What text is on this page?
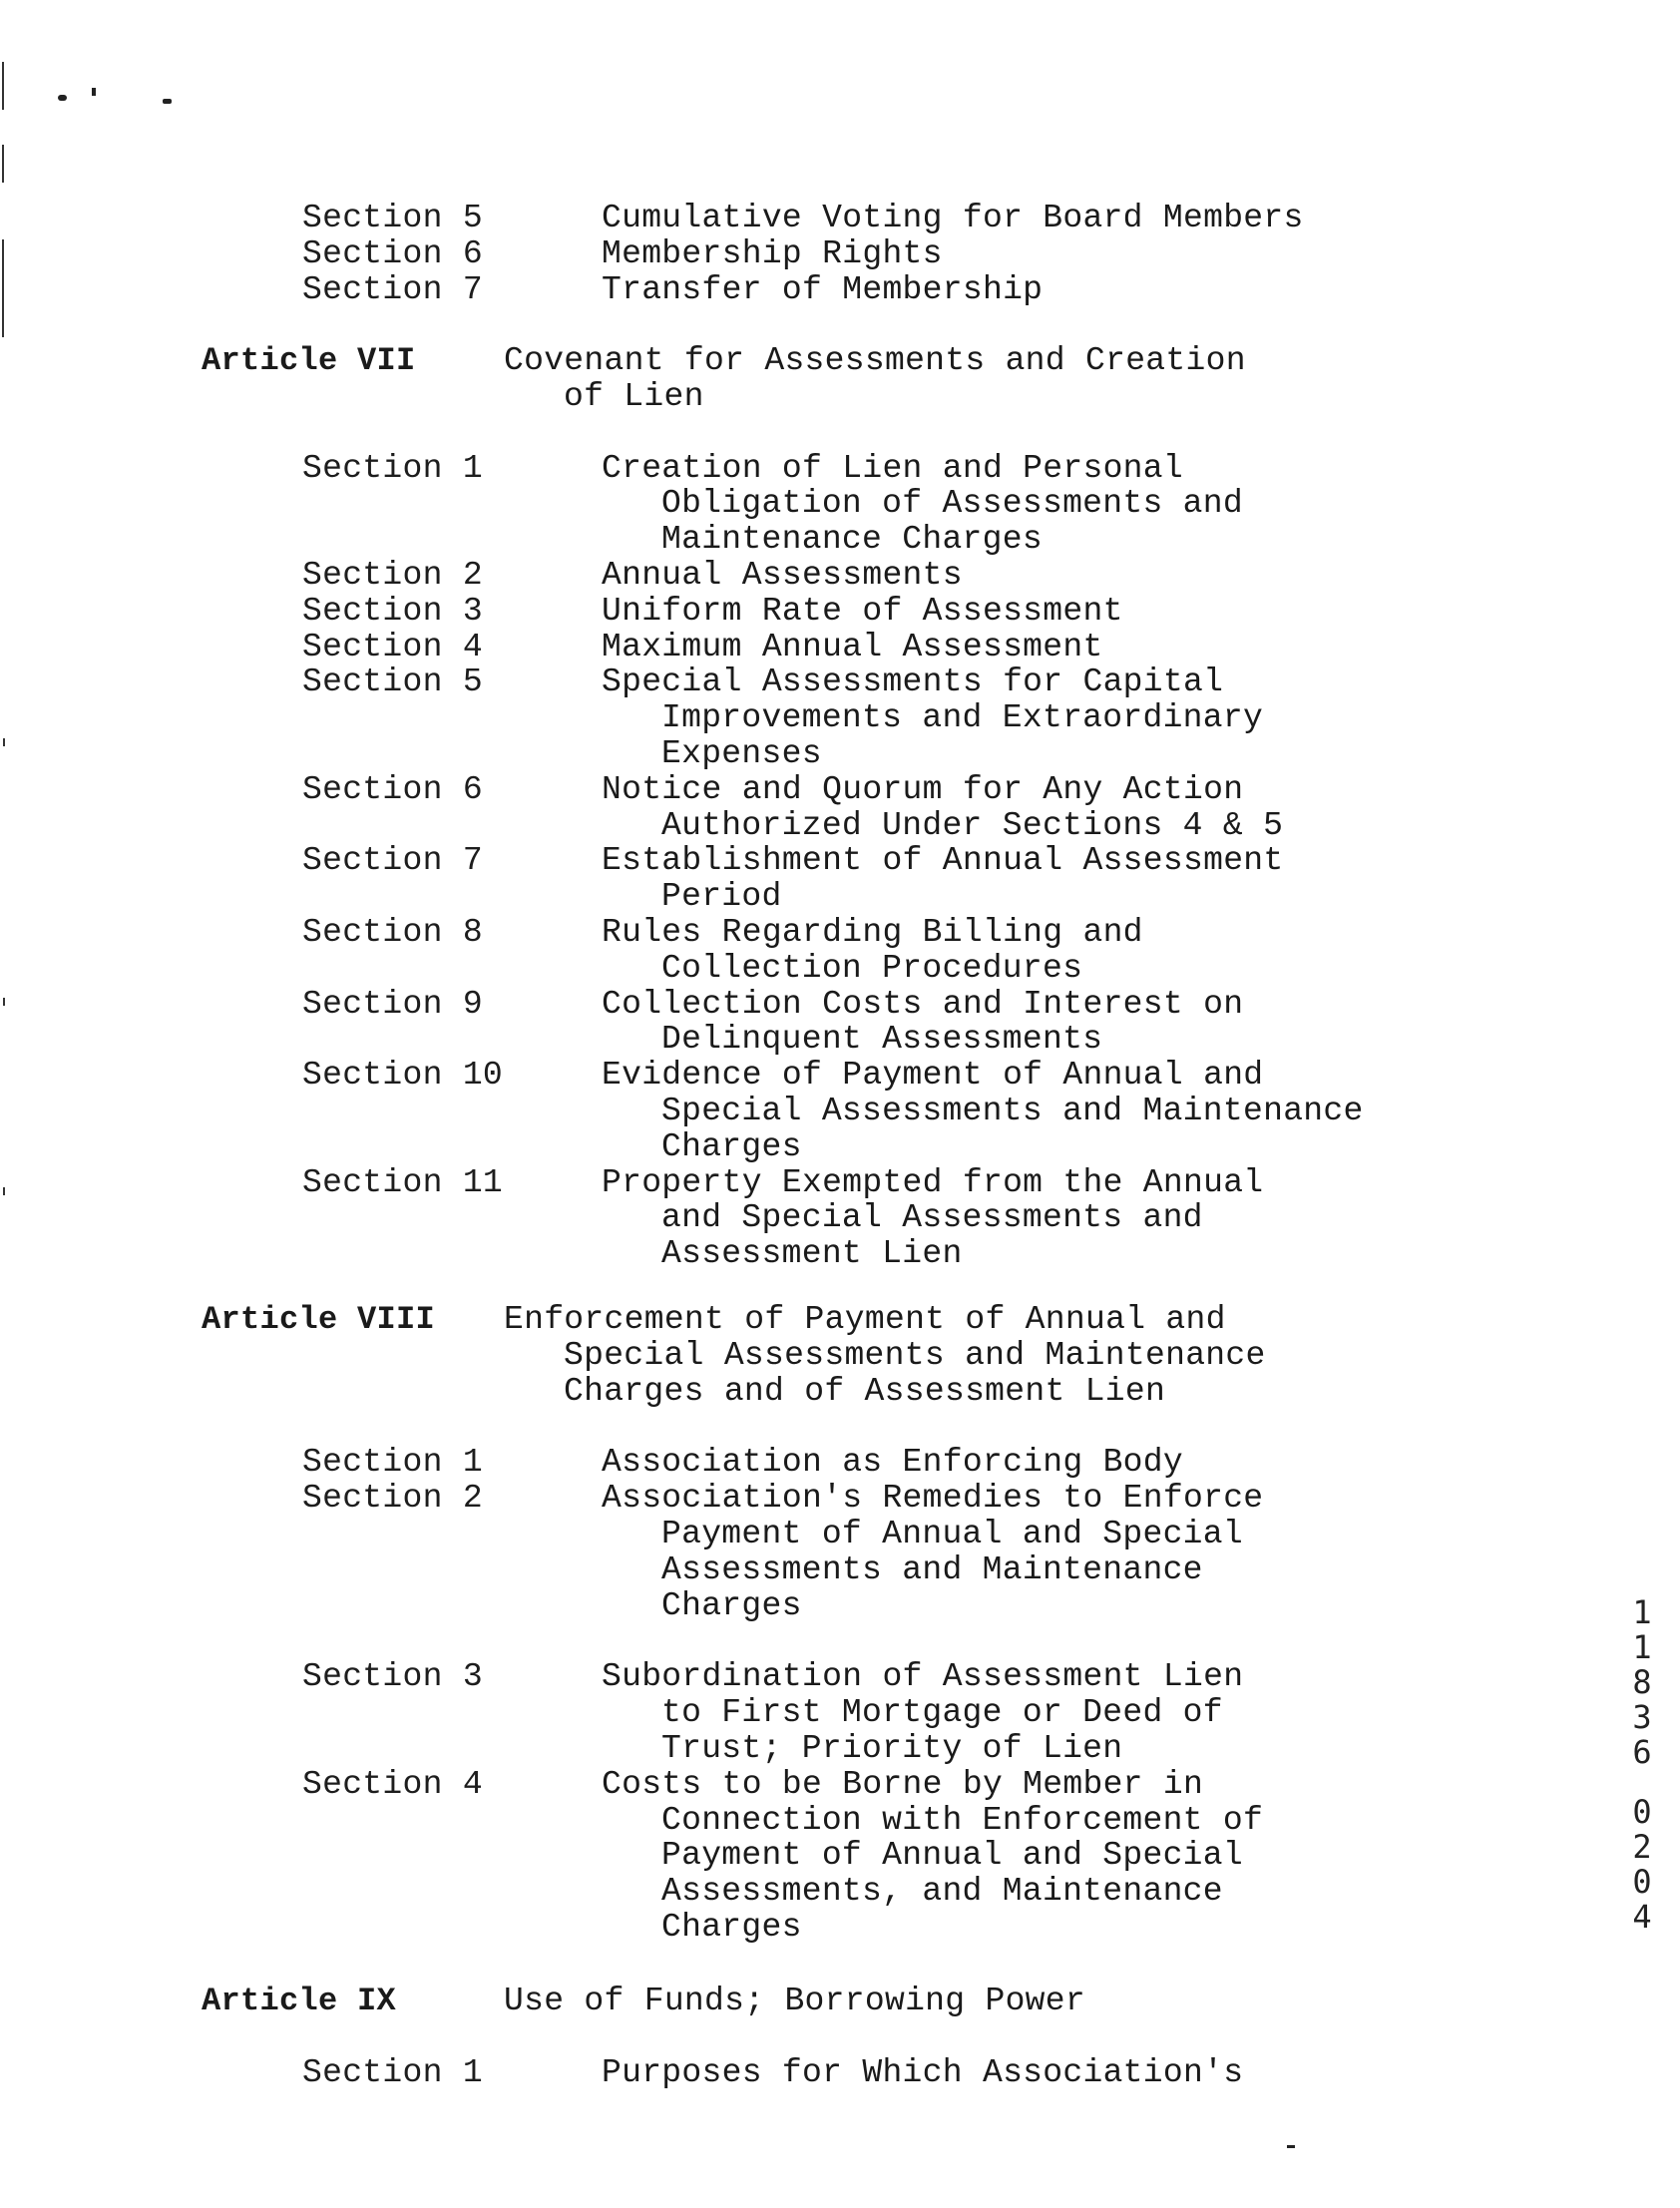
Section 5	Cumulative Voting for Board Members
Section 6	Membership Rights
Section 7	Transfer of Membership
Article VII	Covenant for Assessments and Creation
of Lien
Section 1	Creation of Lien and Personal
Obligation of Assessments and
Maintenance Charges
Section 2	Annual Assessments
Section 3	Uniform Rate of Assessment
Section 4	Maximum Annual Assessment
Section 5	Special Assessments for Capital
Improvements and Extraordinary
Expenses
Section 6	Notice and Quorum for Any Action
Authorized Under Sections 4 & 5
Section 7	Establishment of Annual Assessment
Period
Section 8	Rules Regarding Billing and
Collection Procedures
Section 9	Collection Costs and Interest on
Delinquent Assessments
Section 10	Evidence of Payment of Annual and
Special Assessments and Maintenance
Charges
Section 11	Property Exempted from the Annual
and Special Assessments and
Assessment Lien
Article VIII Enforcement of Payment of Annual and
Special Assessments and Maintenance
Charges and of Assessment Lien
Section 1	Association as Enforcing Body
Section 2	Association's Remedies to Enforce
Payment of Annual and Special
Assessments and Maintenance
Charges
Section 3	Subordination of Assessment Lien
to First Mortgage or Deed of
Trust; Priority of Lien
Section 4	Costs to be Borne by Member in
Connection with Enforcement of
Payment of Annual and Special
Assessments, and Maintenance
Charges
Article IX	Use of Funds; Borrowing Power
Section 1	Purposes for Which Association's
1
1
8
3
6
0
2
0
4
